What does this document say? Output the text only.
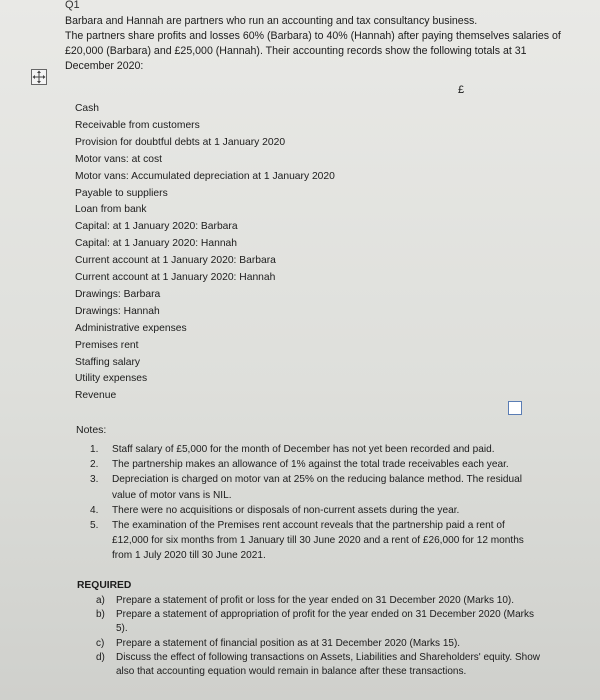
Q1
Barbara and Hannah are partners who run an accounting and tax consultancy business.
The partners share profits and losses 60% (Barbara) to 40% (Hannah) after paying themselves salaries of £20,000 (Barbara) and £25,000 (Hannah). Their accounting records show the following totals at 31 December 2020:
£
Cash
Receivable from customers
Provision for doubtful debts at 1 January 2020
Motor vans: at cost
Motor vans: Accumulated depreciation at 1 January 2020
Payable to suppliers
Loan from bank
Capital: at 1 January 2020: Barbara
Capital: at 1 January 2020: Hannah
Current account at 1 January 2020: Barbara
Current account at 1 January 2020: Hannah
Drawings: Barbara
Drawings: Hannah
Administrative expenses
Premises rent
Staffing salary
Utility expenses
Revenue
Notes:
1. Staff salary of £5,000 for the month of December has not yet been recorded and paid.
2. The partnership makes an allowance of 1% against the total trade receivables each year.
3. Depreciation is charged on motor van at 25% on the reducing balance method. The residual value of motor vans is NIL.
4. There were no acquisitions or disposals of non-current assets during the year.
5. The examination of the Premises rent account reveals that the partnership paid a rent of £12,000 for six months from 1 January till 30 June 2020 and a rent of £26,000 for 12 months from 1 July 2020 till 30 June 2021.
REQUIRED
a) Prepare a statement of profit or loss for the year ended on 31 December 2020 (Marks 10).
b) Prepare a statement of appropriation of profit for the year ended on 31 December 2020 (Marks 5).
c) Prepare a statement of financial position as at 31 December 2020 (Marks 15).
d) Discuss the effect of following transactions on Assets, Liabilities and Shareholders' equity. Show also that accounting equation would remain in balance after these transactions.
